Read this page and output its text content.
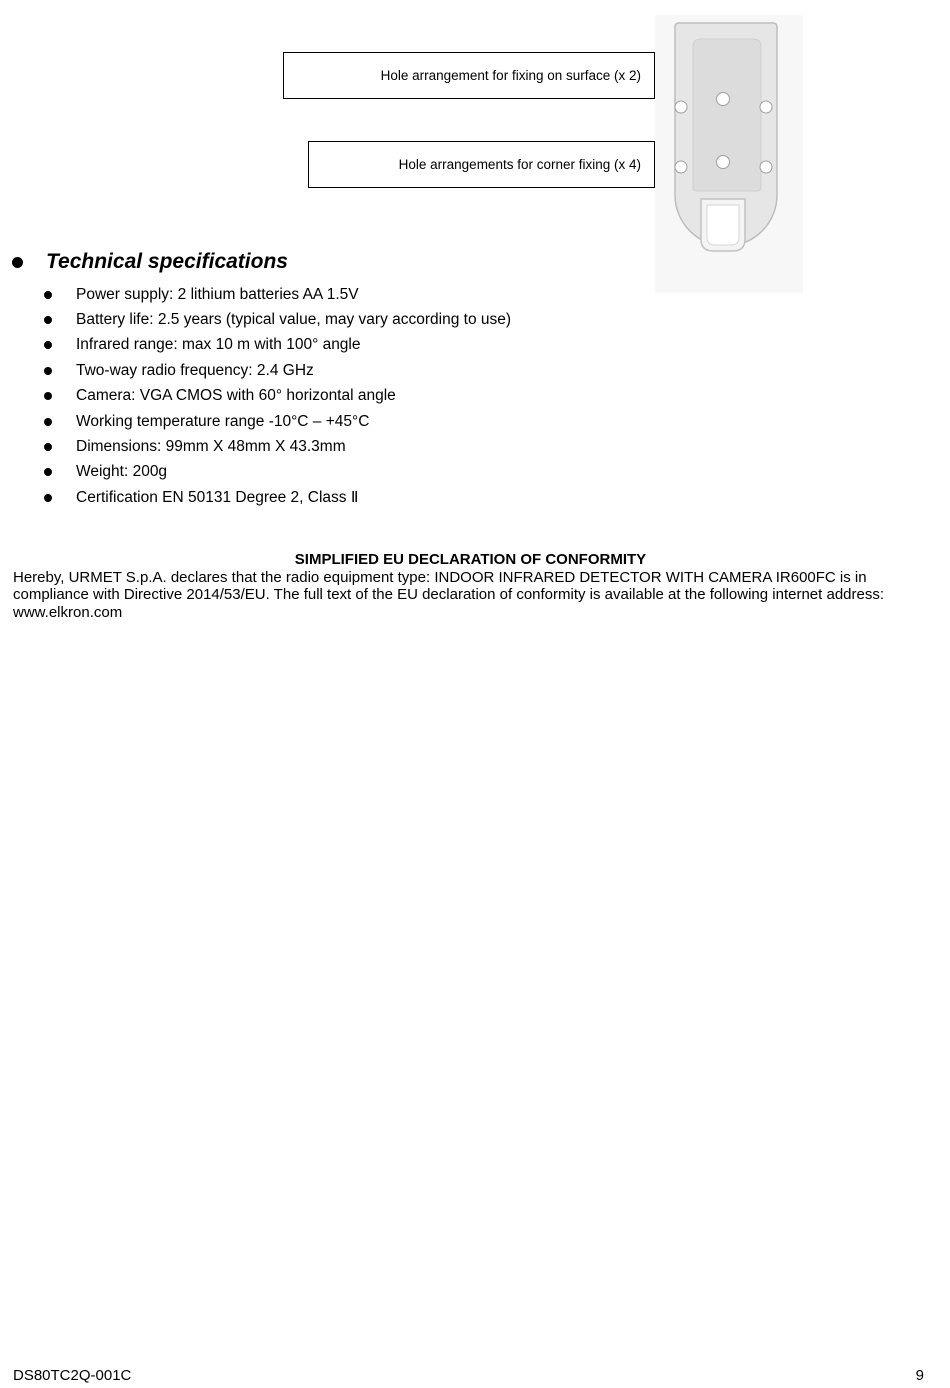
Hole arrangement for fixing on surface (x 2)
Hole arrangements for corner fixing (x 4)
Technical specifications
Power supply: 2 lithium batteries AA 1.5V
Battery life: 2.5 years (typical value, may vary according to use)
Infrared range: max 10 m with 100° angle
Two-way radio frequency: 2.4 GHz
Camera: VGA CMOS with 60° horizontal angle
Working temperature range -10°C – +45°C
Dimensions: 99mm X 48mm X 43.3mm
Weight: 200g
Certification EN 50131 Degree 2, Class Ⅱ
SIMPLIFIED EU DECLARATION OF CONFORMITY

Hereby, URMET S.p.A. declares that the radio equipment type: INDOOR INFRARED DETECTOR WITH CAMERA IR600FC is in compliance with Directive 2014/53/EU. The full text of the EU declaration of conformity is available at the following internet address: www.elkron.com

DS80TC2Q-001C	9
